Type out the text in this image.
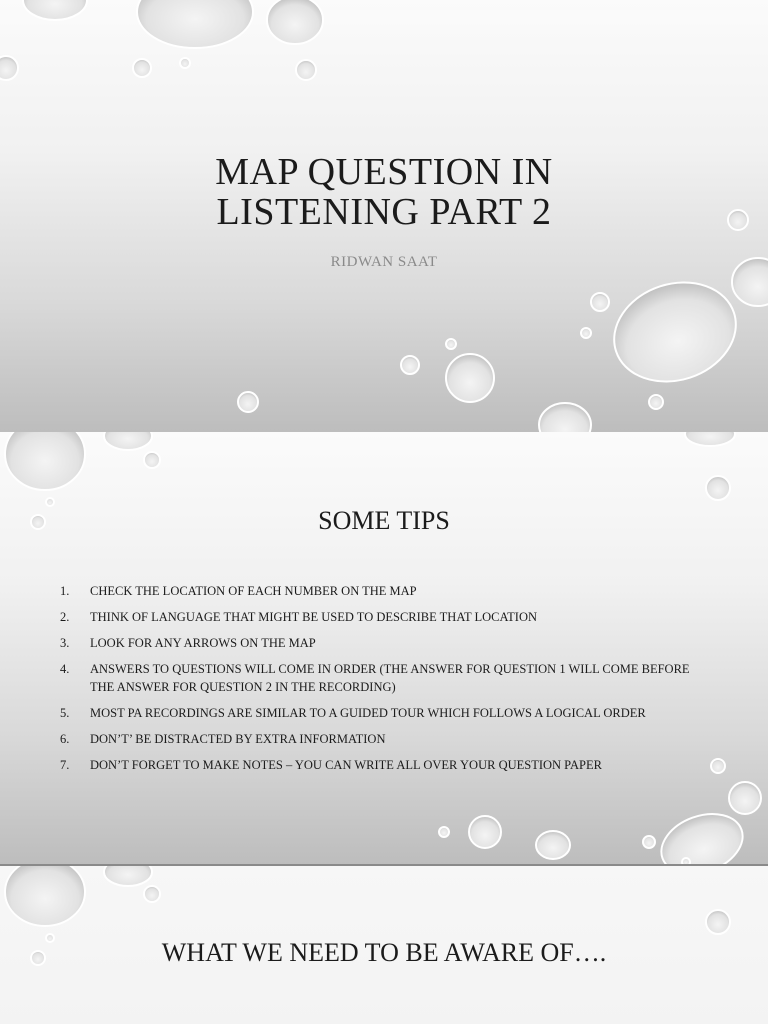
MAP QUESTION IN
LISTENING PART 2
RIDWAN SAAT
SOME TIPS
1. CHECK THE LOCATION OF EACH NUMBER ON THE MAP
2. THINK OF LANGUAGE THAT MIGHT BE USED TO DESCRIBE THAT LOCATION
3. LOOK FOR ANY ARROWS ON THE MAP
4. ANSWERS TO QUESTIONS WILL COME IN ORDER (THE ANSWER FOR QUESTION 1 WILL COME BEFORE THE ANSWER FOR QUESTION 2 IN THE RECORDING)
5. MOST PA RECORDINGS ARE SIMILAR TO A GUIDED TOUR WHICH FOLLOWS A LOGICAL ORDER
6. DON’T’ BE DISTRACTED BY EXTRA INFORMATION
7. DON’T FORGET TO MAKE NOTES – YOU CAN WRITE ALL OVER YOUR QUESTION PAPER
WHAT WE NEED TO BE AWARE OF….
